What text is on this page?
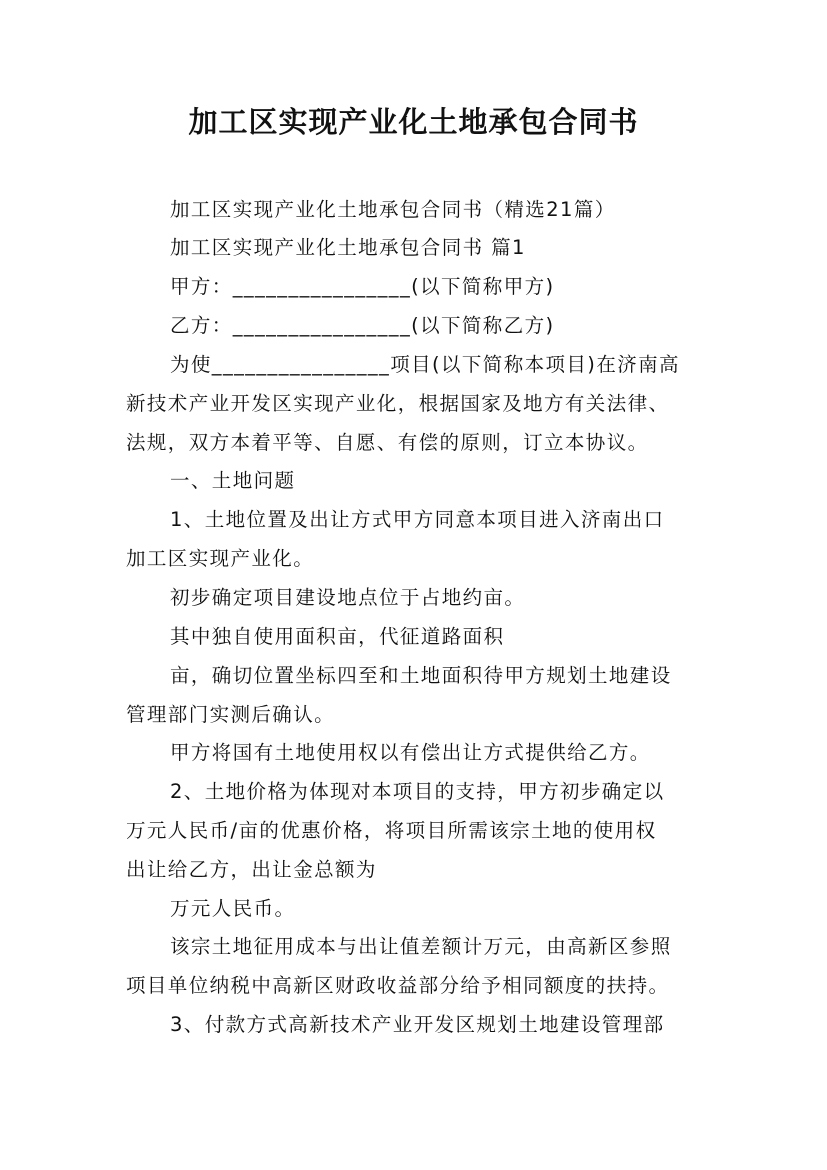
加工区实现产业化土地承包合同书
加工区实现产业化土地承包合同书（精选21篇）
加工区实现产业化土地承包合同书 篇1
甲方：________________(以下简称甲方)
乙方：________________(以下简称乙方)
为使________________项目(以下简称本项目)在济南高
新技术产业开发区实现产业化，根据国家及地方有关法律、
法规，双方本着平等、自愿、有偿的原则，订立本协议。
一、土地问题
1、土地位置及出让方式甲方同意本项目进入济南出口
加工区实现产业化。
初步确定项目建设地点位于占地约亩。
其中独自使用面积亩，代征道路面积
亩，确切位置坐标四至和土地面积待甲方规划土地建设
管理部门实测后确认。
甲方将国有土地使用权以有偿出让方式提供给乙方。
2、土地价格为体现对本项目的支持，甲方初步确定以
万元人民币/亩的优惠价格，将项目所需该宗土地的使用权
出让给乙方，出让金总额为
万元人民币。
该宗土地征用成本与出让值差额计万元，由高新区参照
项目单位纳税中高新区财政收益部分给予相同额度的扶持。
3、付款方式高新技术产业开发区规划土地建设管理部
